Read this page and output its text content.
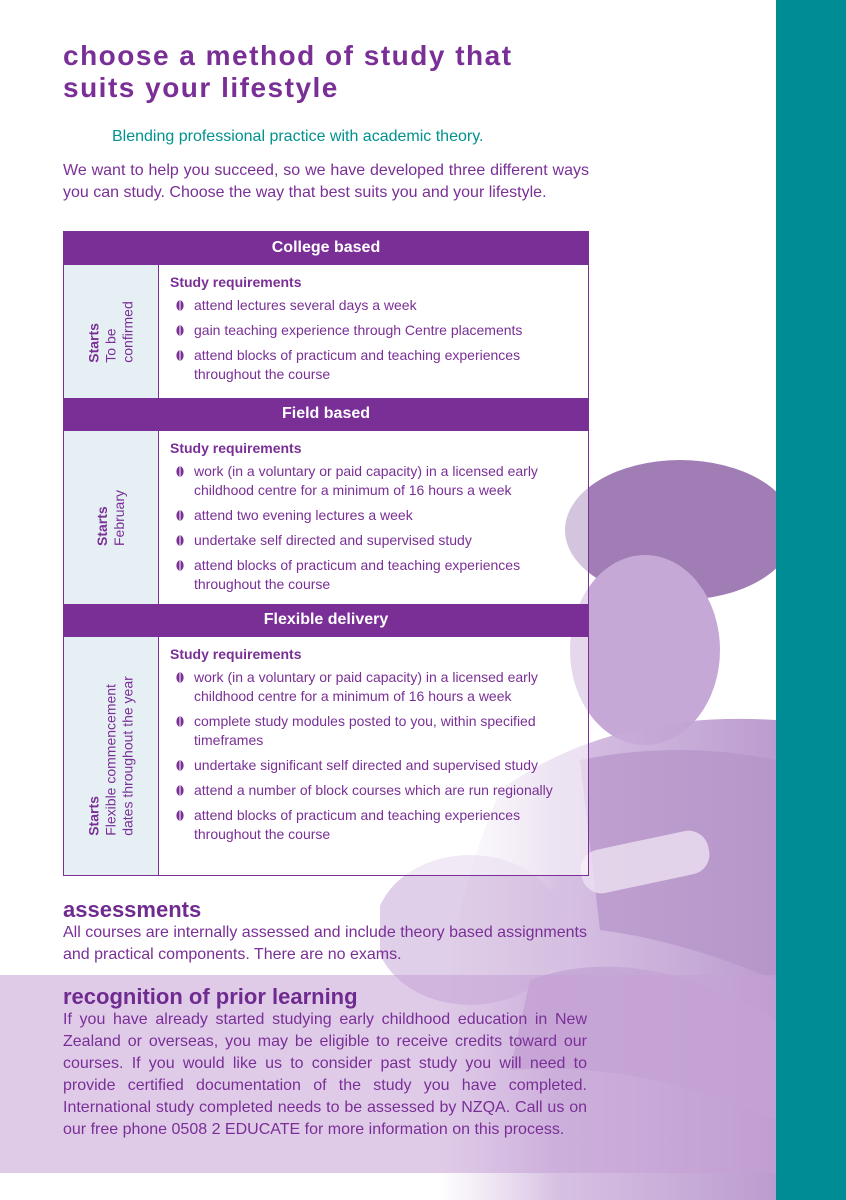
choose a method of study that suits your lifestyle
Blending professional practice with academic theory.

We want to help you succeed, so we have developed three different ways you can study. Choose the way that best suits you and your lifestyle.

College based
Starts To be confirmed
Study requirements
attend lectures several days a week
gain teaching experience through Centre placements
attend blocks of practicum and teaching experiences throughout the course
Field based
Starts February
Study requirements
work (in a voluntary or paid capacity) in a licensed early childhood centre for a minimum of 16 hours a week
attend two evening lectures a week
undertake self directed and supervised study
attend blocks of practicum and teaching experiences throughout the course
Flexible delivery
Starts Flexible commencement dates throughout the year
Study requirements
work (in a voluntary or paid capacity) in a licensed early childhood centre for a minimum of 16 hours a week
complete study modules posted to you, within specified timeframes
undertake significant self directed and supervised study
attend a number of block courses which are run regionally
attend blocks of practicum and teaching experiences throughout the course
assessments

All courses are internally assessed and include theory based assignments and practical components. There are no exams.

recognition of prior learning

If you have already started studying early childhood education in New Zealand or overseas, you may be eligible to receive credits toward our courses. If you would like us to consider past study you will need to provide certified documentation of the study you have completed. International study completed needs to be assessed by NZQA. Call us on our free phone 0508 2 EDUCATE for more information on this process.
